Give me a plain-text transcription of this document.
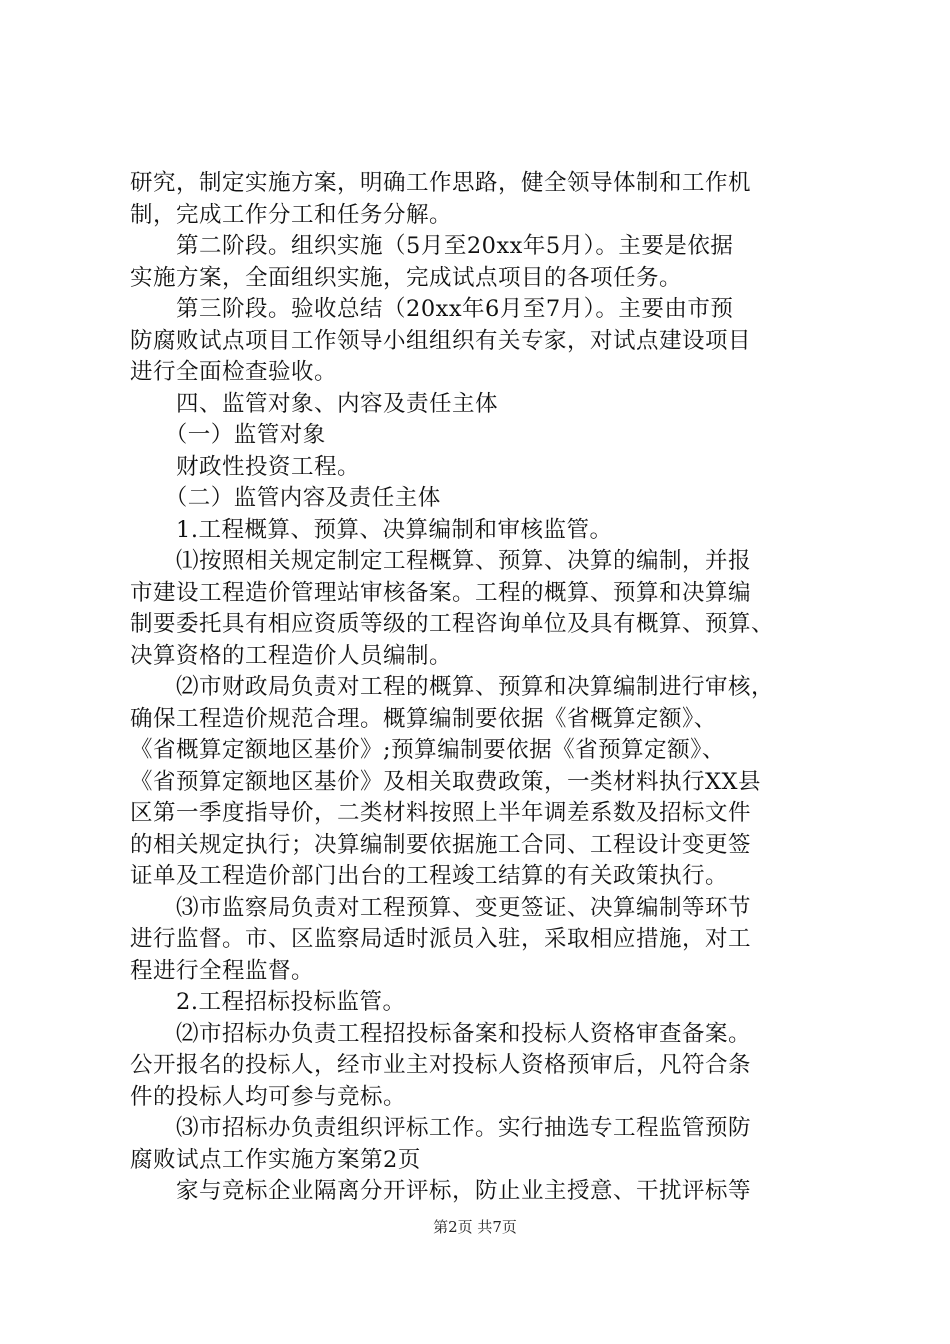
研究，制定实施方案，明确工作思路，健全领导体制和工作机
制，完成工作分工和任务分解。
　　第二阶段。组织实施（5月至20xx年5月）。主要是依据
实施方案，全面组织实施，完成试点项目的各项任务。
　　第三阶段。验收总结（20xx年6月至7月）。主要由市预
防腐败试点项目工作领导小组组织有关专家，对试点建设项目
进行全面检查验收。
　　四、监管对象、内容及责任主体
　　（一）监管对象
　　财政性投资工程。
　　（二）监管内容及责任主体
　　1.工程概算、预算、决算编制和审核监管。
　　⑴按照相关规定制定工程概算、预算、决算的编制，并报
市建设工程造价管理站审核备案。工程的概算、预算和决算编
制要委托具有相应资质等级的工程咨询单位及具有概算、预算、
决算资格的工程造价人员编制。
　　⑵市财政局负责对工程的概算、预算和决算编制进行审核，
确保工程造价规范合理。概算编制要依据《省概算定额》、
《省概算定额地区基价》;预算编制要依据《省预算定额》、
《省预算定额地区基价》及相关取费政策，一类材料执行XX县
区第一季度指导价，二类材料按照上半年调差系数及招标文件
的相关规定执行；决算编制要依据施工合同、工程设计变更签
证单及工程造价部门出台的工程竣工结算的有关政策执行。
　　⑶市监察局负责对工程预算、变更签证、决算编制等环节
进行监督。市、区监察局适时派员入驻，采取相应措施，对工
程进行全程监督。
　　2.工程招标投标监管。
　　⑵市招标办负责工程招投标备案和投标人资格审查备案。
公开报名的投标人，经市业主对投标人资格预审后，凡符合条
件的投标人均可参与竞标。
　　⑶市招标办负责组织评标工作。实行抽选专工程监管预防
腐败试点工作实施方案第2页
　　家与竞标企业隔离分开评标，防止业主授意、干扰评标等

第2页 共7页
